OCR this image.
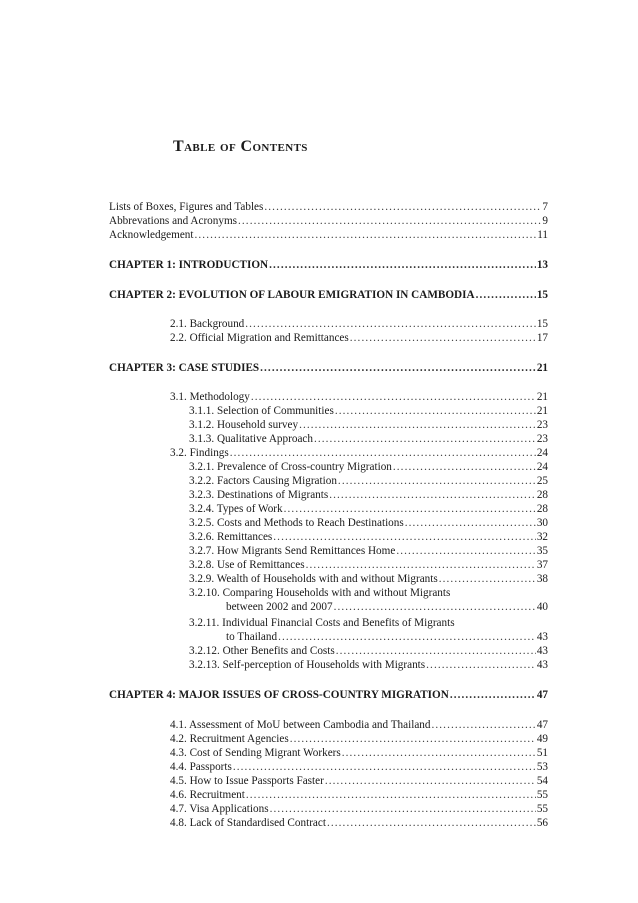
Table of Contents
Lists of Boxes, Figures and Tables .....	7
Abbrevations and Acronyms .....	9
Acknowledgement .....	11
CHAPTER 1: INTRODUCTION .....	13
CHAPTER 2: EVOLUTION OF LABOUR EMIGRATION IN CAMBODIA .....	15
2.1. Background .....	15
2.2. Official Migration and Remittances .....	17
CHAPTER 3: CASE STUDIES .....	21
3.1. Methodology .....	21
3.1.1. Selection of Communities .....	21
3.1.2. Household survey .....	23
3.1.3. Qualitative Approach .....	23
3.2. Findings .....	24
3.2.1. Prevalence of Cross-country Migration .....	24
3.2.2. Factors Causing Migration .....	25
3.2.3. Destinations of Migrants .....	28
3.2.4. Types of Work .....	28
3.2.5. Costs and Methods to Reach Destinations .....	30
3.2.6. Remittances .....	32
3.2.7. How Migrants Send Remittances Home .....	35
3.2.8. Use of Remittances .....	37
3.2.9. Wealth of Households with and without Migrants .....	38
3.2.10. Comparing Households with and without Migrants
between 2002 and 2007 .....	40
3.2.11. Individual Financial Costs and Benefits of Migrants
to Thailand .....	43
3.2.12. Other Benefits and Costs .....	43
3.2.13. Self-perception of Households with Migrants .....	43
CHAPTER 4: MAJOR ISSUES OF CROSS-COUNTRY MIGRATION .....	47
4.1. Assessment of MoU between Cambodia and Thailand .....	47
4.2. Recruitment Agencies .....	49
4.3. Cost of Sending Migrant Workers .....	51
4.4. Passports .....	53
4.5. How to Issue Passports Faster .....	54
4.6. Recruitment .....	55
4.7. Visa Applications .....	55
4.8. Lack of Standardised Contract .....	56
